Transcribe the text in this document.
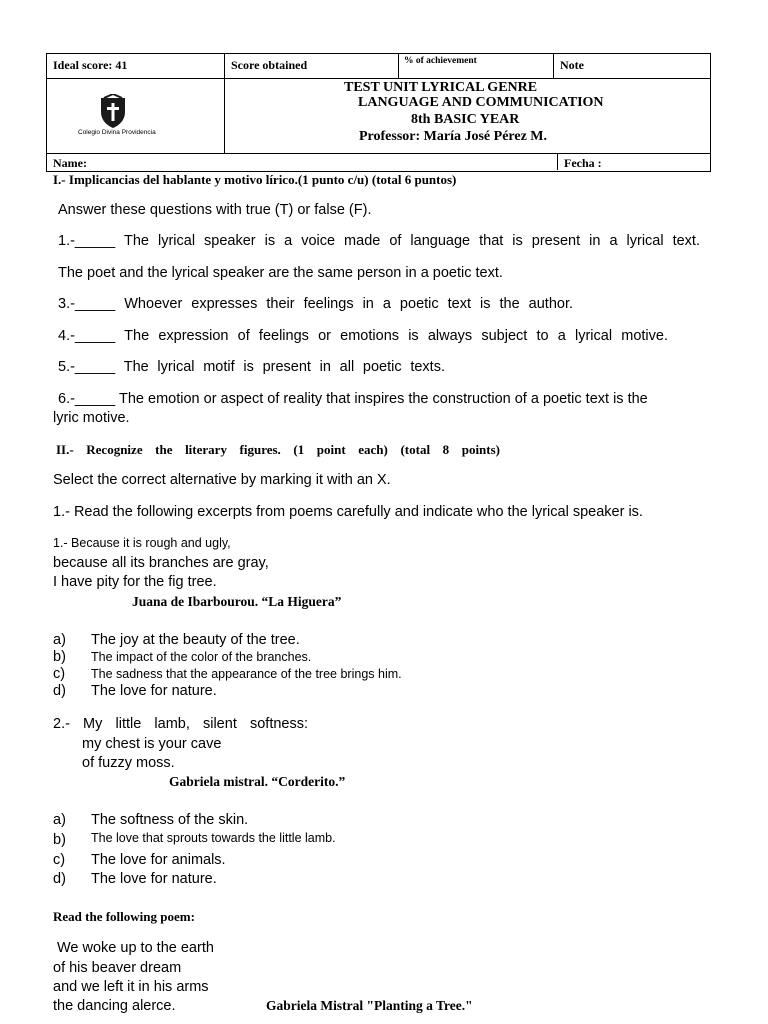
Ideal score: 41	Score obtained	% of achievement	Note
Colegio Divina Providencia
TEST UNIT LYRICAL GENRE
LANGUAGE AND COMMUNICATION
8th BASIC YEAR
Professor: María José Pérez M.
Name:	Fecha :
I.- Implicancias del hablante y motivo lírico.(1 punto c/u) (total 6 puntos)
Answer these questions with true (T) or false (F).
1.-_____ The lyrical speaker is a voice made of language that is present in a lyrical text.
The poet and the lyrical speaker are the same person in a poetic text.
3.-_____ Whoever expresses their feelings in a poetic text is the author.
4.-_____ The expression of feelings or emotions is always subject to a lyrical motive.
5.-_____ The lyrical motif is present in all poetic texts.
6.-_____ The emotion or aspect of reality that inspires the construction of a poetic text is the
lyric motive.
II.- Recognize the literary figures. (1 point each) (total 8 points)
Select the correct alternative by marking it with an X.
1.- Read the following excerpts from poems carefully and indicate who the lyrical speaker is.
1.- Because it is rough and ugly,
because all its branches are gray,
I have pity for the fig tree.
Juana de Ibarbourou. “La Higuera”
a) The joy at the beauty of the tree.
b) The impact of the color of the branches.
c) The sadness that the appearance of the tree brings him.
d) The love for nature.
2.- My little lamb, silent softness:
my chest is your cave
of fuzzy moss.
Gabriela mistral. “Corderito.”
a) The softness of the skin.
b) The love that sprouts towards the little lamb.
c) The love for animals.
d) The love for nature.
Read the following poem:
We woke up to the earth
of his beaver dream
and we left it in his arms
the dancing alerce.	Gabriela Mistral "Planting a Tree."
